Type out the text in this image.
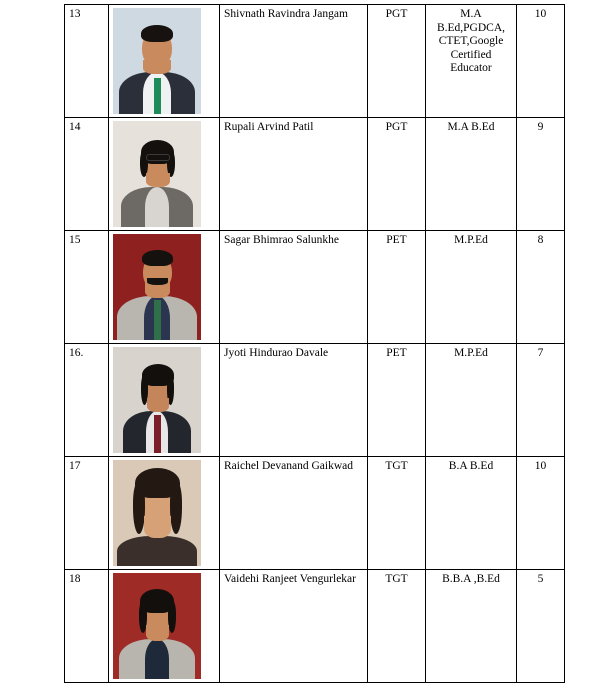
13		Shivnath Ravindra Jangam	PGT	M.A B.Ed,PGDCA, CTET,Google Certified Educator	10
14		Rupali Arvind Patil	PGT	M.A B.Ed	9
15		Sagar Bhimrao Salunkhe	PET	M.P.Ed	8
16.		Jyoti Hindurao Davale	PET	M.P.Ed	7
17		Raichel Devanand Gaikwad	TGT	B.A B.Ed	10
18		Vaidehi Ranjeet Vengurlekar	TGT	B.B.A ,B.Ed	5
